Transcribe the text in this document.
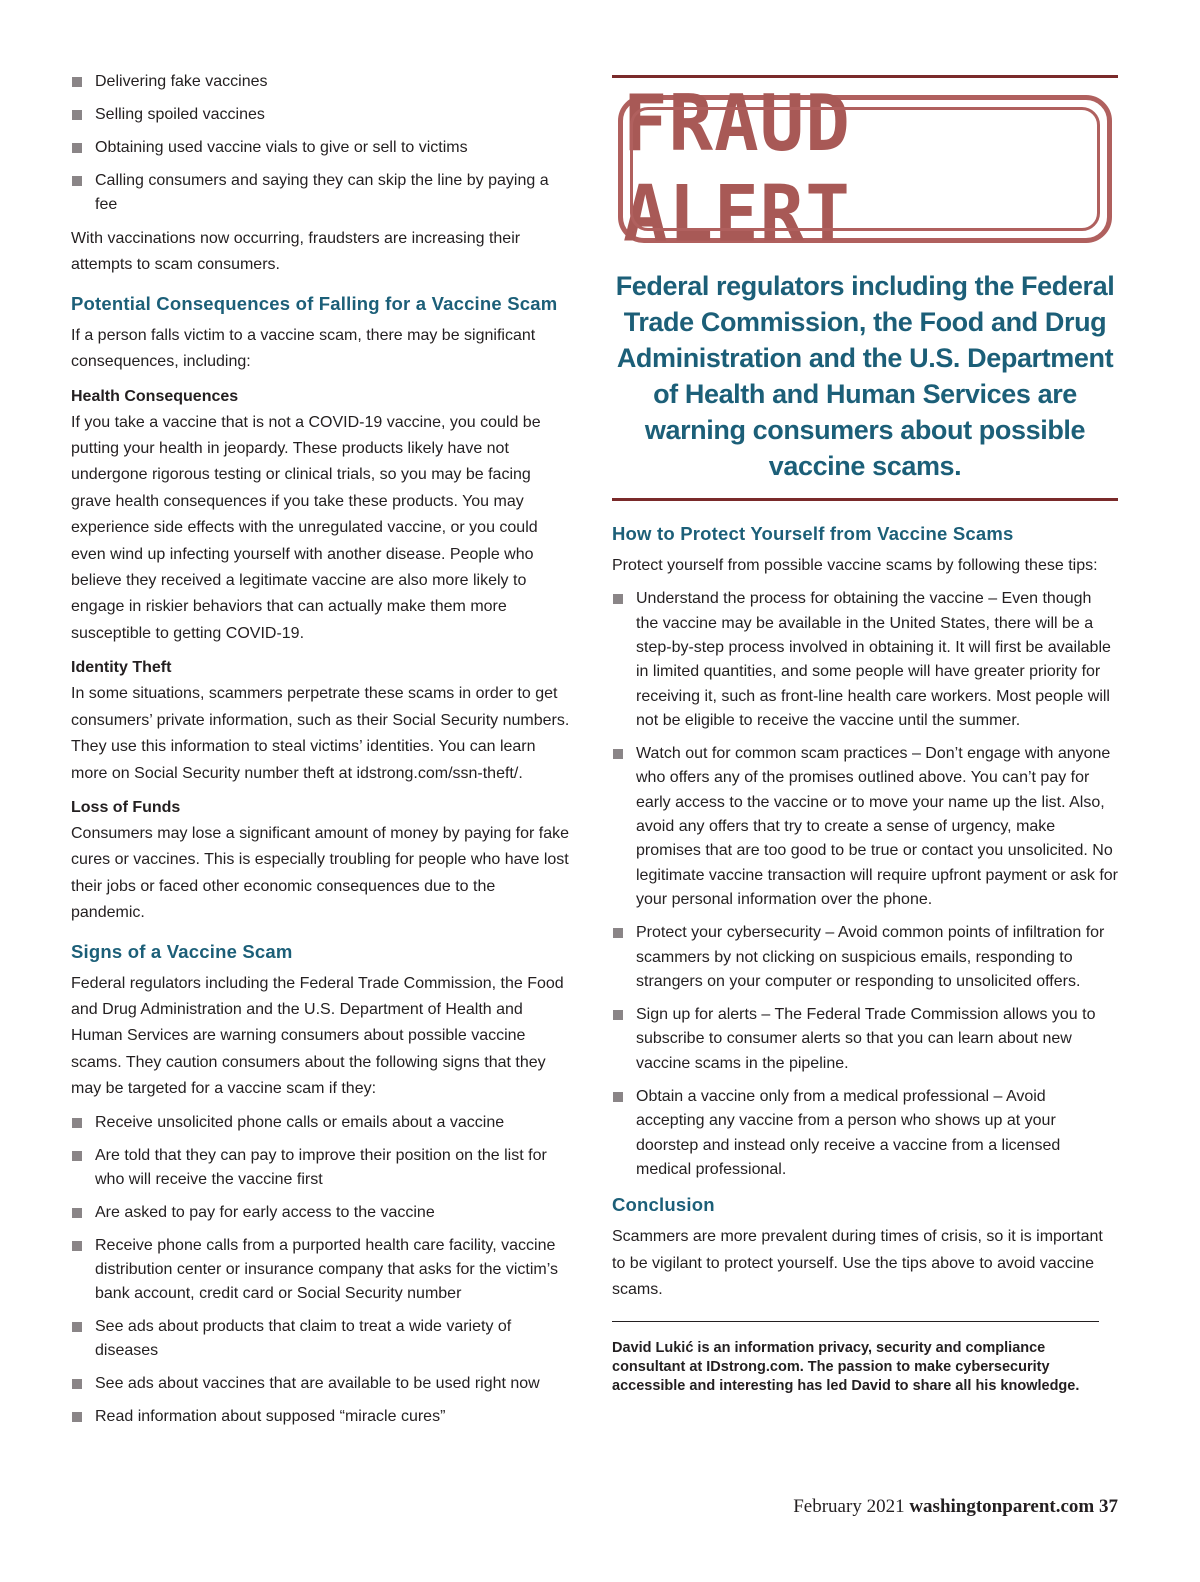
Delivering fake vaccines
Selling spoiled vaccines
Obtaining used vaccine vials to give or sell to victims
Calling consumers and saying they can skip the line by paying a fee

With vaccinations now occurring, fraudsters are increasing their attempts to scam consumers.

Potential Consequences of Falling for a Vaccine Scam

If a person falls victim to a vaccine scam, there may be significant consequences, including:

Health Consequences

If you take a vaccine that is not a COVID-19 vaccine, you could be putting your health in jeopardy. These products likely have not undergone rigorous testing or clinical trials, so you may be facing grave health consequences if you take these products. You may experience side effects with the unregulated vaccine, or you could even wind up infecting yourself with another disease. People who believe they received a legitimate vaccine are also more likely to engage in riskier behaviors that can actually make them more susceptible to getting COVID-19.

Identity Theft

In some situations, scammers perpetrate these scams in order to get consumers’ private information, such as their Social Security numbers. They use this information to steal victims’ identities. You can learn more on Social Security number theft at idstrong.com/ssn-theft/.

Loss of Funds

Consumers may lose a significant amount of money by paying for fake cures or vaccines. This is especially troubling for people who have lost their jobs or faced other economic consequences due to the pandemic.

Signs of a Vaccine Scam

Federal regulators including the Federal Trade Commission, the Food and Drug Administration and the U.S. Department of Health and Human Services are warning consumers about possible vaccine scams. They caution consumers about the following signs that they may be targeted for a vaccine scam if they:

Receive unsolicited phone calls or emails about a vaccine
Are told that they can pay to improve their position on the list for who will receive the vaccine first
Are asked to pay for early access to the vaccine
Receive phone calls from a purported health care facility, vaccine distribution center or insurance company that asks for the victim’s bank account, credit card or Social Security number
See ads about products that claim to treat a wide variety of diseases
See ads about vaccines that are available to be used right now
Read information about supposed “miracle cures”
FRAUD ALERT
Federal regulators including the Federal Trade Commission, the Food and Drug Administration and the U.S. Department of Health and Human Services are warning consumers about possible vaccine scams.
How to Protect Yourself from Vaccine Scams

Protect yourself from possible vaccine scams by following these tips:

Understand the process for obtaining the vaccine – Even though the vaccine may be available in the United States, there will be a step-by-step process involved in obtaining it. It will first be available in limited quantities, and some people will have greater priority for receiving it, such as front-line health care workers. Most people will not be eligible to receive the vaccine until the summer.
Watch out for common scam practices – Don’t engage with anyone who offers any of the promises outlined above. You can’t pay for early access to the vaccine or to move your name up the list. Also, avoid any offers that try to create a sense of urgency, make promises that are too good to be true or contact you unsolicited. No legitimate vaccine transaction will require upfront payment or ask for your personal information over the phone.
Protect your cybersecurity – Avoid common points of infiltration for scammers by not clicking on suspicious emails, responding to strangers on your computer or responding to unsolicited offers.
Sign up for alerts – The Federal Trade Commission allows you to subscribe to consumer alerts so that you can learn about new vaccine scams in the pipeline.
Obtain a vaccine only from a medical professional – Avoid accepting any vaccine from a person who shows up at your doorstep and instead only receive a vaccine from a licensed medical professional.
Conclusion

Scammers are more prevalent during times of crisis, so it is important to be vigilant to protect yourself. Use the tips above to avoid vaccine scams.

David Lukić is an information privacy, security and compliance consultant at IDstrong.com. The passion to make cybersecurity accessible and interesting has led David to share all his knowledge.
February 2021 washingtonparent.com 37
